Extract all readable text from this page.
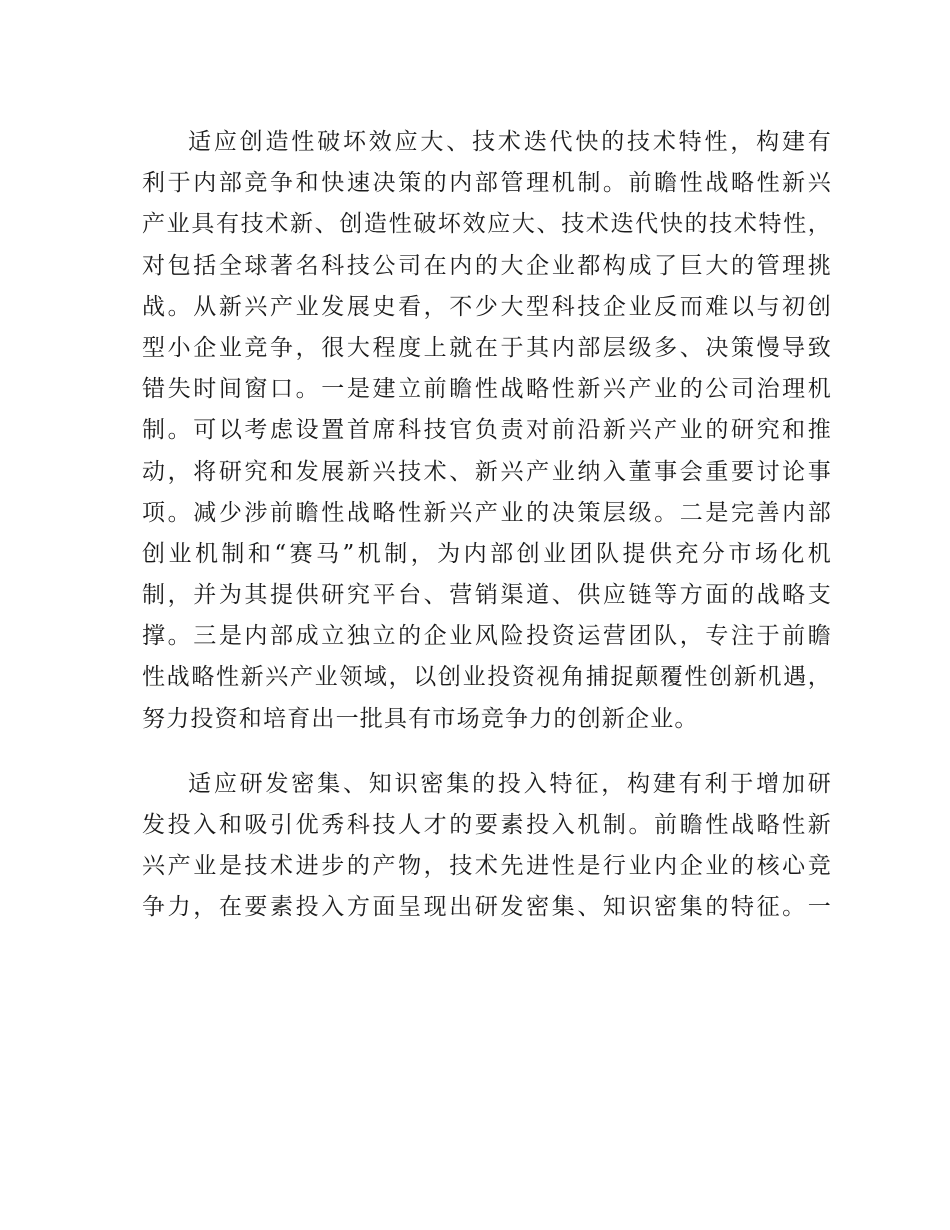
适应创造性破坏效应大、技术迭代快的技术特性，构建有
利于内部竞争和快速决策的内部管理机制。前瞻性战略性新兴
产业具有技术新、创造性破坏效应大、技术迭代快的技术特性，
对包括全球著名科技公司在内的大企业都构成了巨大的管理挑
战。从新兴产业发展史看，不少大型科技企业反而难以与初创
型小企业竞争，很大程度上就在于其内部层级多、决策慢导致
错失时间窗口。一是建立前瞻性战略性新兴产业的公司治理机
制。可以考虑设置首席科技官负责对前沿新兴产业的研究和推
动，将研究和发展新兴技术、新兴产业纳入董事会重要讨论事
项。减少涉前瞻性战略性新兴产业的决策层级。二是完善内部
创业机制和“赛马”机制，为内部创业团队提供充分市场化机
制，并为其提供研究平台、营销渠道、供应链等方面的战略支
撑。三是内部成立独立的企业风险投资运营团队，专注于前瞻
性战略性新兴产业领域，以创业投资视角捕捉颠覆性创新机遇，
努力投资和培育出一批具有市场竞争力的创新企业。
适应研发密集、知识密集的投入特征，构建有利于增加研
发投入和吸引优秀科技人才的要素投入机制。前瞻性战略性新
兴产业是技术进步的产物，技术先进性是行业内企业的核心竞
争力，在要素投入方面呈现出研发密集、知识密集的特征。一
